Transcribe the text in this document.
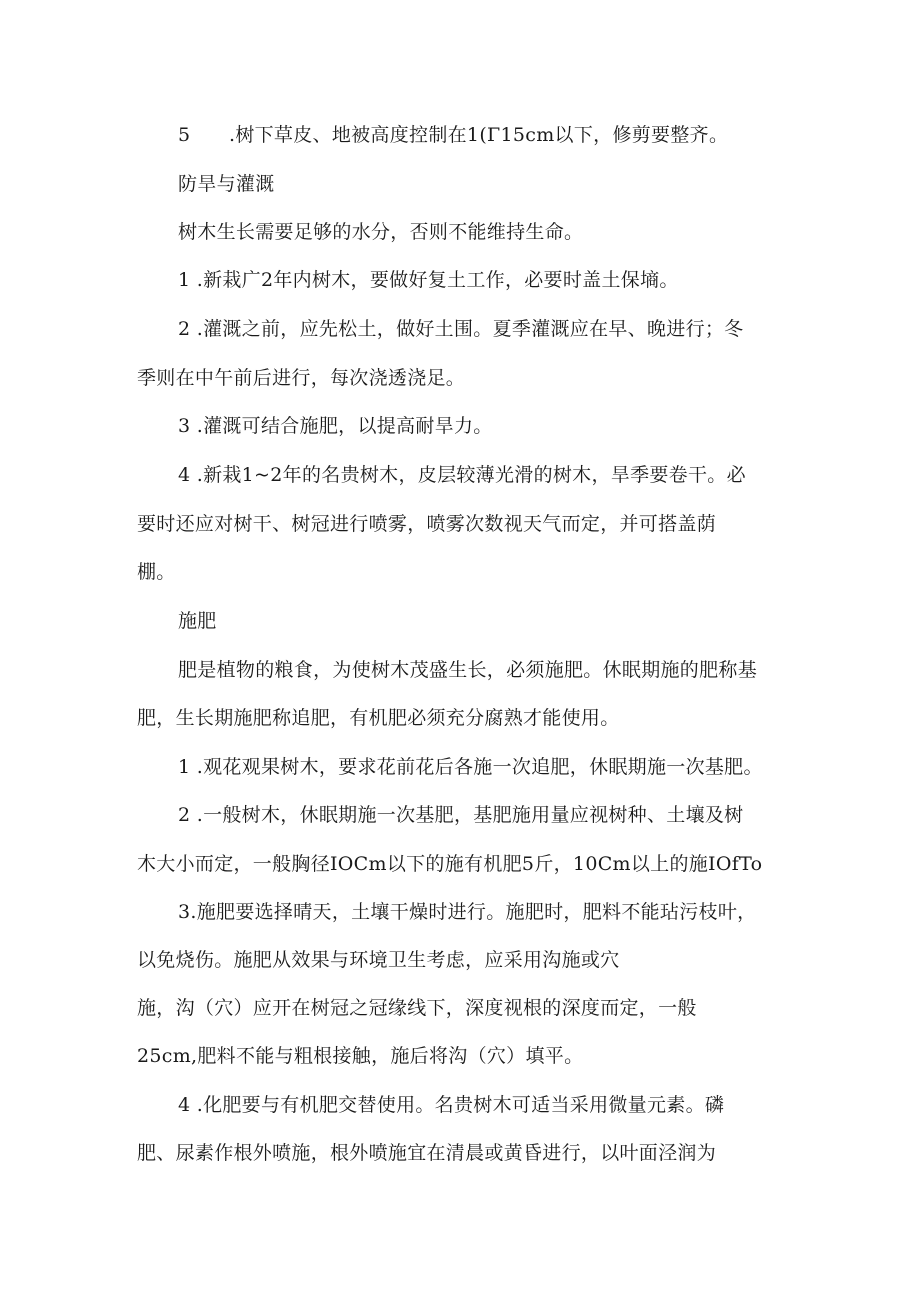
5　　.树下草皮、地被高度控制在1(Γ15cm以下，修剪要整齐。
防旱与灌溉
树木生长需要足够的水分，否则不能维持生命。
1 .新栽广2年内树木，要做好复土工作，必要时盖土保墒。
2 .灌溉之前，应先松土，做好土围。夏季灌溉应在早、晚进行；冬
季则在中午前后进行，每次浇透浇足。
3 .灌溉可结合施肥，以提高耐旱力。
4 .新栽1~2年的名贵树木，皮层较薄光滑的树木，旱季要卷干。必
要时还应对树干、树冠进行喷雾，喷雾次数视天气而定，并可搭盖荫
棚。
施肥
肥是植物的粮食，为使树木茂盛生长，必须施肥。休眠期施的肥称基
肥，生长期施肥称追肥，有机肥必须充分腐熟才能使用。
1 .观花观果树木，要求花前花后各施一次追肥，休眠期施一次基肥。
2 .一般树木，休眠期施一次基肥，基肥施用量应视树种、土壤及树
木大小而定，一般胸径IOCm以下的施有机肥5斤，10Cm以上的施IOfTo
3.施肥要选择晴天，土壤干燥时进行。施肥时，肥料不能玷污枝叶，
以免烧伤。施肥从效果与环境卫生考虑，应采用沟施或穴
施，沟（穴）应开在树冠之冠缘线下，深度视根的深度而定，一般
25cm,肥料不能与粗根接触，施后将沟（穴）填平。
4 .化肥要与有机肥交替使用。名贵树木可适当采用微量元素。磷
肥、尿素作根外喷施，根外喷施宜在清晨或黄昏进行，以叶面泾润为
